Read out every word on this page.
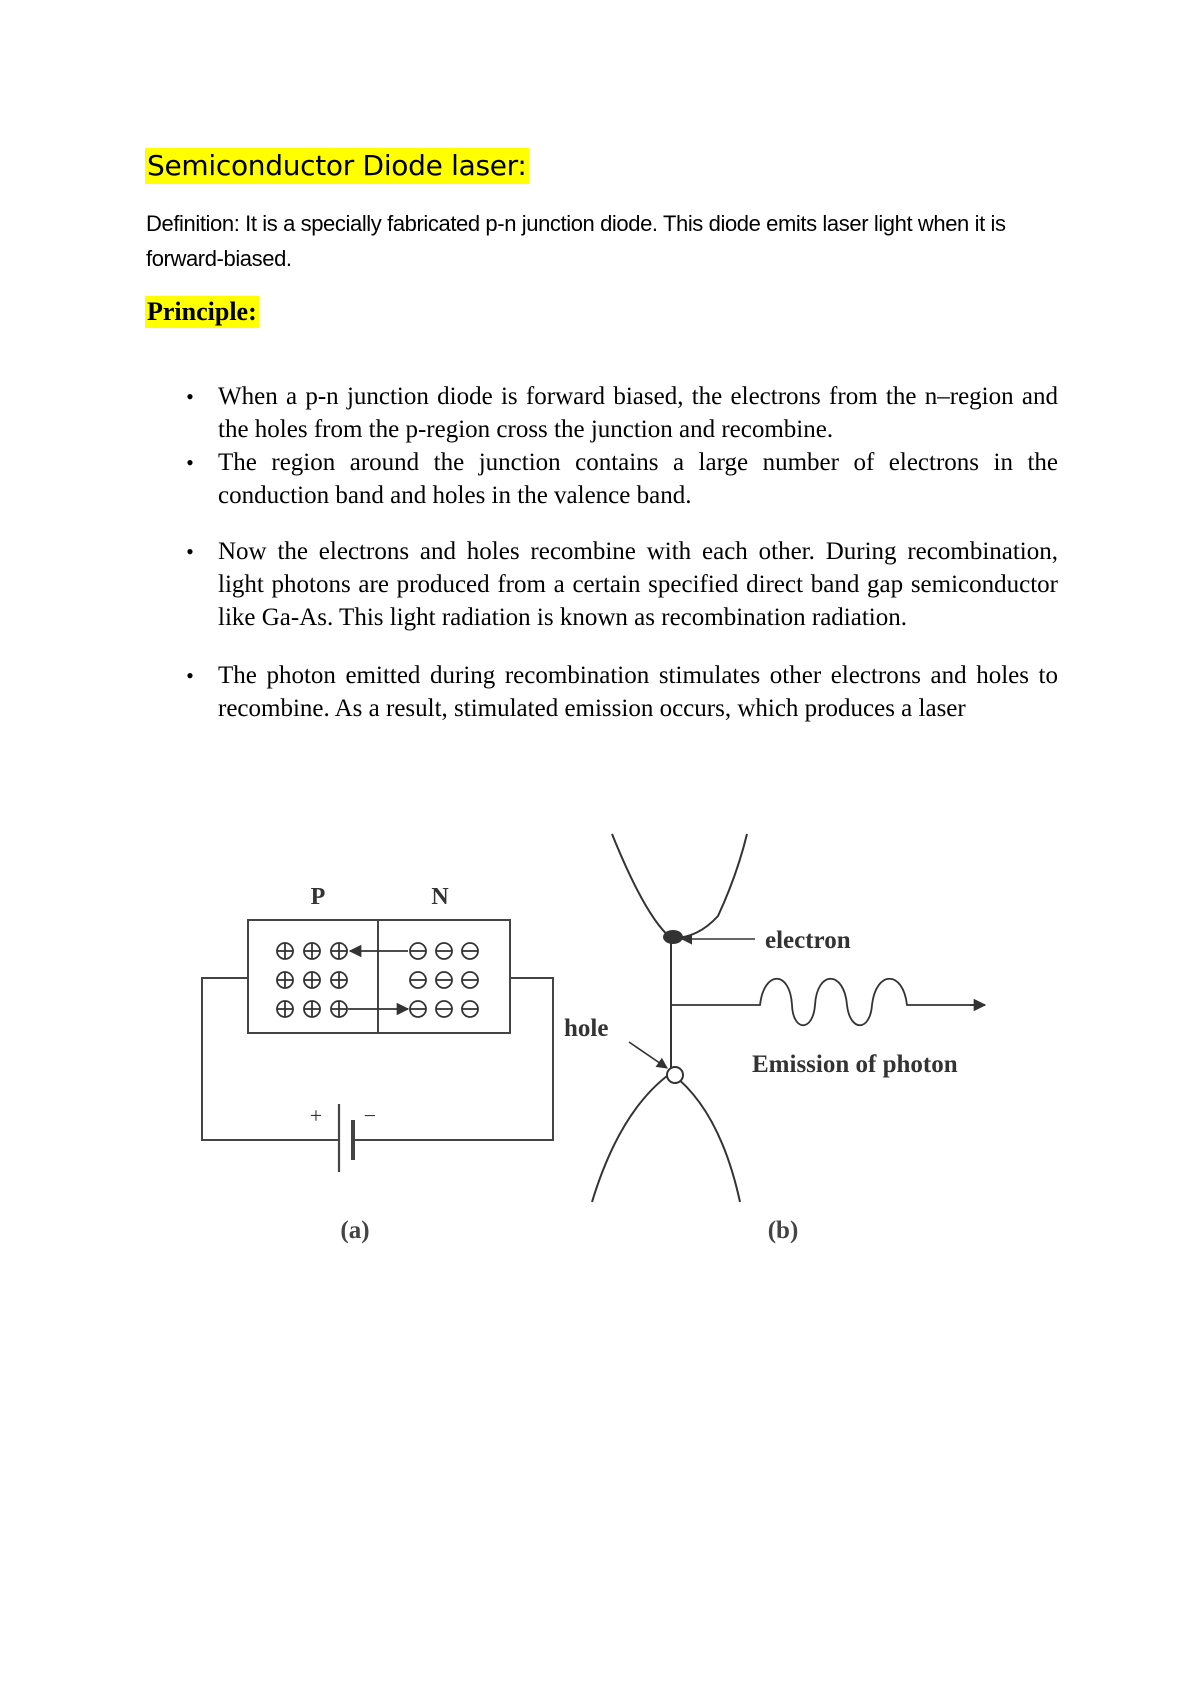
Semiconductor Diode laser:
Definition: It is a specially fabricated p-n junction diode. This diode emits laser light when it is forward-biased.
Principle:
• When a p-n junction diode is forward biased, the electrons from the n–region and the holes from the p-region cross the junction and recombine.
• The region around the junction contains a large number of electrons in the conduction band and holes in the valence band.
• Now the electrons and holes recombine with each other. During recombination, light photons are produced from a certain specified direct band gap semiconductor like Ga-As. This light radiation is known as recombination radiation.
• The photon emitted during recombination stimulates other electrons and holes to recombine. As a result, stimulated emission occurs, which produces a laser
P	N
+ −
(a)
electron
hole
Emission of photon
(b)
